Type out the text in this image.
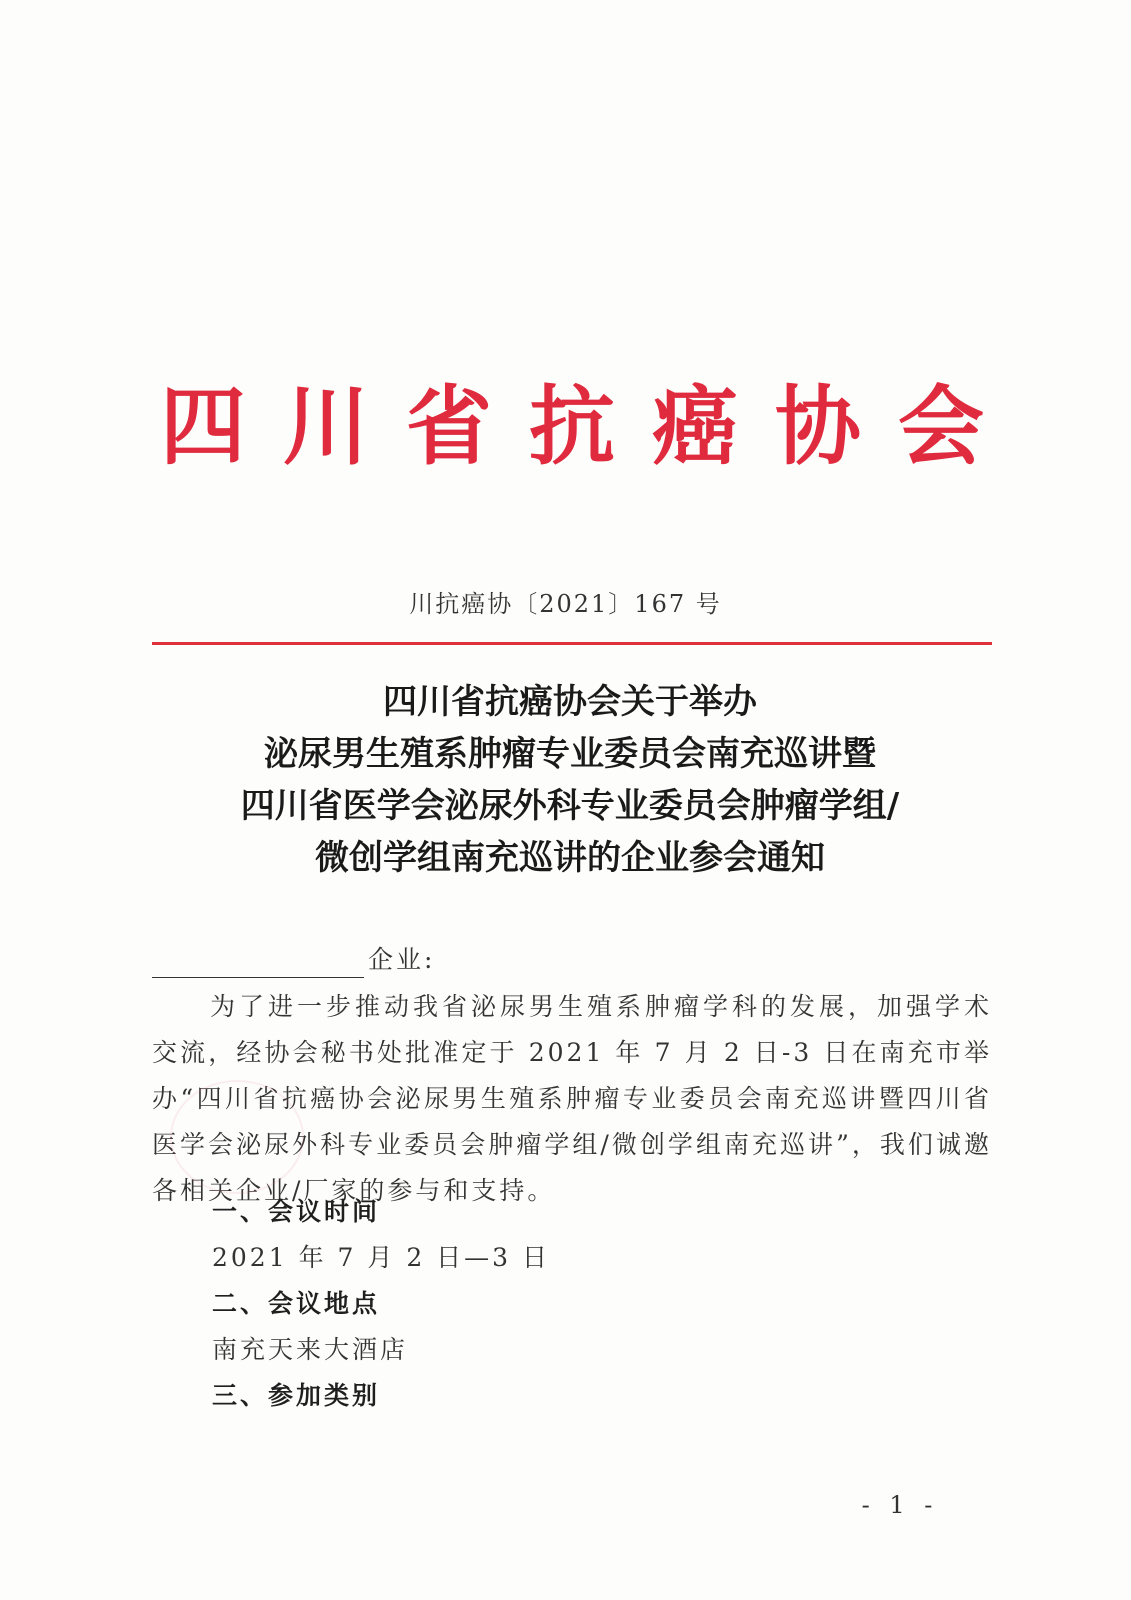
四川省抗癌协会
川抗癌协〔2021〕167 号
四川省抗癌协会关于举办
泌尿男生殖系肿瘤专业委员会南充巡讲暨
四川省医学会泌尿外科专业委员会肿瘤学组/
微创学组南充巡讲的企业参会通知
企业:
为了进一步推动我省泌尿男生殖系肿瘤学科的发展，加强学术交流，经协会秘书处批准定于 2021 年 7 月 2 日-3 日在南充市举办“四川省抗癌协会泌尿男生殖系肿瘤专业委员会南充巡讲暨四川省医学会泌尿外科专业委员会肿瘤学组/微创学组南充巡讲”，我们诚邀各相关企业/厂家的参与和支持。
一、会议时间
2021 年 7 月 2 日—3 日
二、会议地点
南充天来大酒店
三、参加类别
- 1 -
